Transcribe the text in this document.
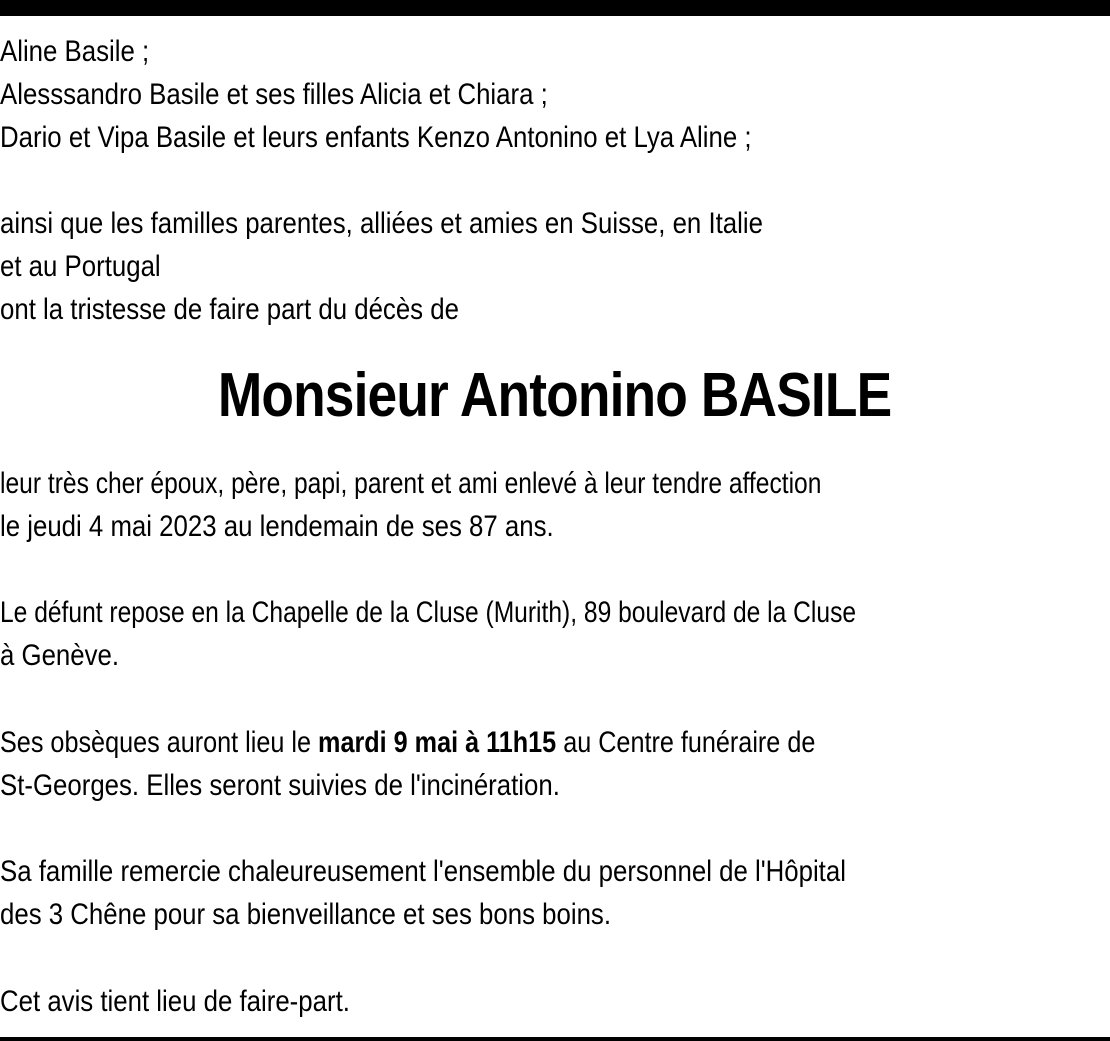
Aline Basile ;
Alesssandro Basile et ses filles Alicia et Chiara ;
Dario et Vipa Basile et leurs enfants Kenzo Antonino et Lya Aline ;
ainsi que les familles parentes, alliées et amies en Suisse, en Italie
et au Portugal
ont la tristesse de faire part du décès de
Monsieur Antonino BASILE
leur très cher époux, père, papi, parent et ami enlevé à leur tendre affection
le jeudi 4 mai 2023 au lendemain de ses 87 ans.
Le défunt repose en la Chapelle de la Cluse (Murith), 89 boulevard de la Cluse
à Genève.
Ses obsèques auront lieu le mardi 9 mai à 11h15 au Centre funéraire de
St-Georges. Elles seront suivies de l'incinération.
Sa famille remercie chaleureusement l'ensemble du personnel de l'Hôpital
des 3 Chêne pour sa bienveillance et ses bons boins.
Cet avis tient lieu de faire-part.
